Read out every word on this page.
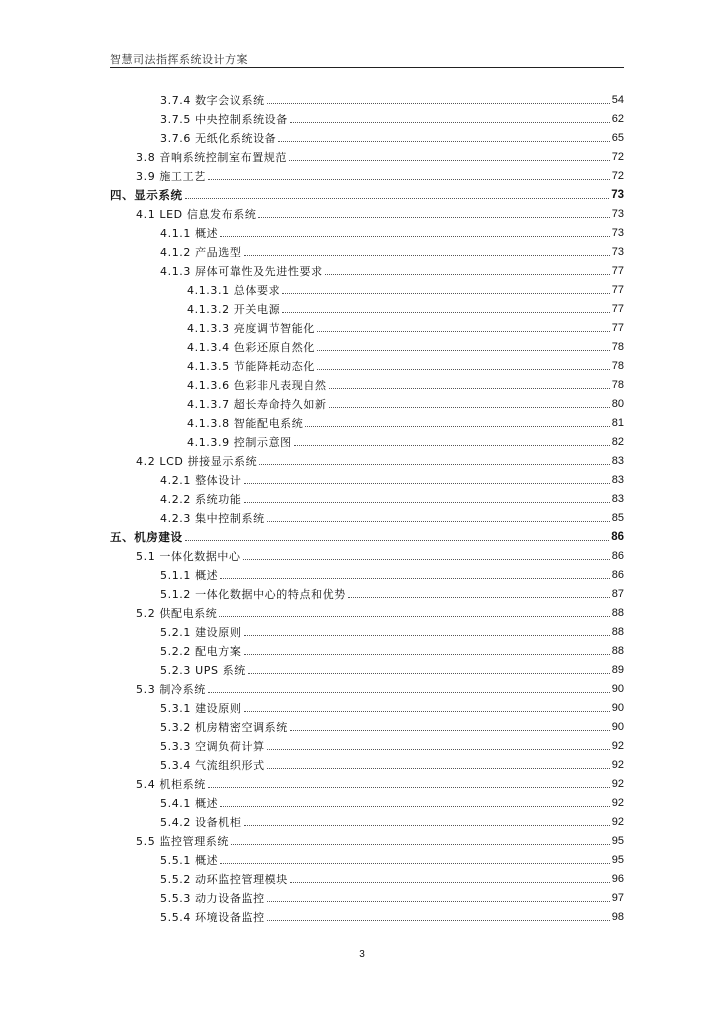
智慧司法指挥系统设计方案
3.7.4 数字会议系统	54
3.7.5 中央控制系统设备	62
3.7.6 无纸化系统设备	65
3.8 音响系统控制室布置规范	72
3.9 施工工艺	72
四、显示系统	73
4.1 LED 信息发布系统	73
4.1.1 概述	73
4.1.2 产品选型	73
4.1.3 屏体可靠性及先进性要求	77
4.1.3.1 总体要求	77
4.1.3.2 开关电源	77
4.1.3.3 亮度调节智能化	77
4.1.3.4 色彩还原自然化	78
4.1.3.5 节能降耗动态化	78
4.1.3.6 色彩非凡表现自然	78
4.1.3.7 超长寿命持久如新	80
4.1.3.8 智能配电系统	81
4.1.3.9 控制示意图	82
4.2 LCD 拼接显示系统	83
4.2.1 整体设计	83
4.2.2 系统功能	83
4.2.3 集中控制系统	85
五、机房建设	86
5.1 一体化数据中心	86
5.1.1 概述	86
5.1.2 一体化数据中心的特点和优势	87
5.2 供配电系统	88
5.2.1 建设原则	88
5.2.2 配电方案	88
5.2.3 UPS 系统	89
5.3 制冷系统	90
5.3.1 建设原则	90
5.3.2 机房精密空调系统	90
5.3.3 空调负荷计算	92
5.3.4 气流组织形式	92
5.4 机柜系统	92
5.4.1 概述	92
5.4.2 设备机柜	92
5.5 监控管理系统	95
5.5.1 概述	95
5.5.2 动环监控管理模块	96
5.5.3 动力设备监控	97
5.5.4 环境设备监控	98
3
